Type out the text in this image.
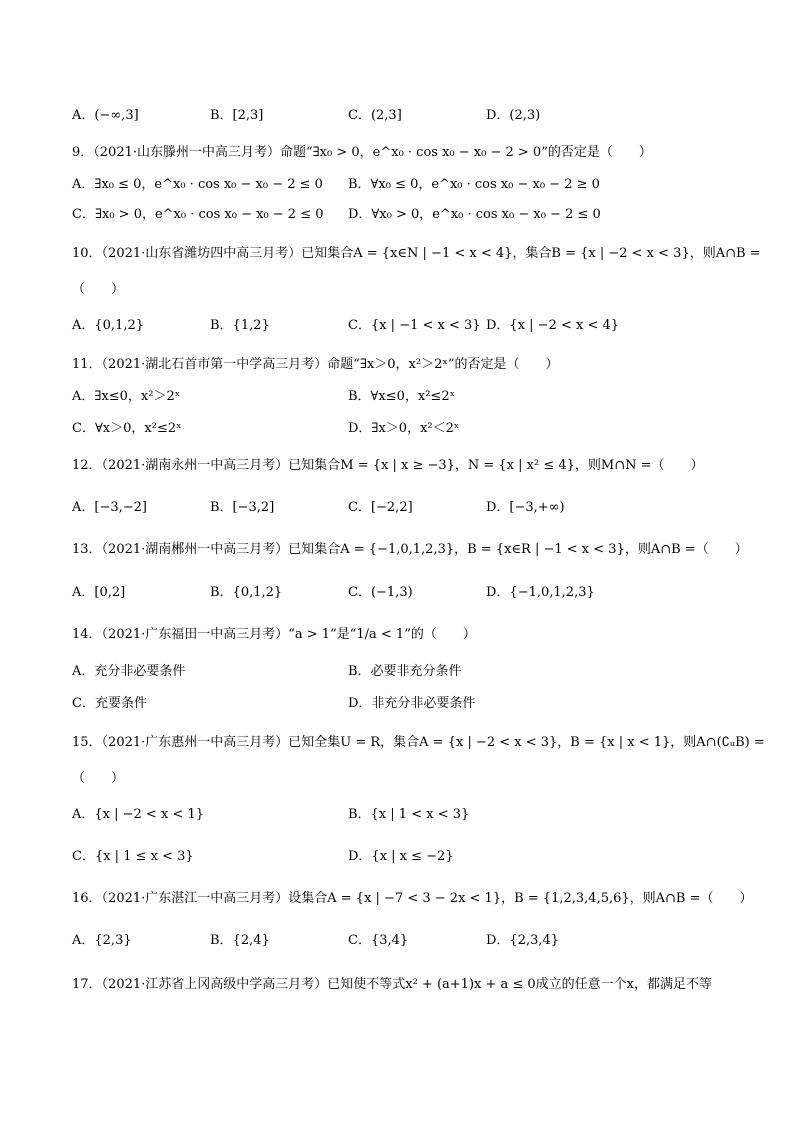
A．(−∞,3]	B．[2,3]	C．(2,3]	D．(2,3)
9．（2021·山东滕州一中高三月考）命题“∃x₀ > 0，e^x₀ · cos x₀ − x₀ − 2 > 0”的否定是（　　）
A．∃x₀ ≤ 0，e^x₀ · cos x₀ − x₀ − 2 ≤ 0 B．∀x₀ ≤ 0，e^x₀ · cos x₀ − x₀ − 2 ≥ 0
C．∃x₀ > 0，e^x₀ · cos x₀ − x₀ − 2 ≤ 0 D．∀x₀ > 0，e^x₀ · cos x₀ − x₀ − 2 ≤ 0
10．（2021·山东省潍坊四中高三月考）已知集合A = {x∈N | −1 < x < 4}，集合B = {x | −2 < x < 3}，则A∩B =
（　　）
A．{0,1,2}	B．{1,2}	C．{x | −1 < x < 3} D．{x | −2 < x < 4}
11．（2021·湖北石首市第一中学高三月考）命题“∃x＞0，x²＞2ˣ”的否定是（　　）
A．∃x≤0，x²＞2ˣ	B．∀x≤0，x²≤2ˣ
C．∀x＞0，x²≤2ˣ	D．∃x＞0，x²＜2ˣ
12．（2021·湖南永州一中高三月考）已知集合M = {x | x ≥ −3}，N = {x | x² ≤ 4}，则M∩N =（　　）
A．[−3,−2]	B．[−3,2]	C．[−2,2]	D．[−3,+∞)
13．（2021·湖南郴州一中高三月考）已知集合A = {−1,0,1,2,3}，B = {x∈R | −1 < x < 3}，则A∩B =（　　）
A．[0,2]	B．{0,1,2}	C．(−1,3)	D．{−1,0,1,2,3}
14．（2021·广东福田一中高三月考）“a > 1”是“1/a < 1”的（　　）
A．充分非必要条件	B．必要非充分条件
C．充要条件	D．非充分非必要条件
15．（2021·广东惠州一中高三月考）已知全集U = R，集合A = {x | −2 < x < 3}，B = {x | x < 1}，则A∩(∁ᵤB) =
（　　）
A．{x | −2 < x < 1}	B．{x | 1 < x < 3}
C．{x | 1 ≤ x < 3}	D．{x | x ≤ −2}
16．（2021·广东湛江一中高三月考）设集合A = {x | −7 < 3 − 2x < 1}，B = {1,2,3,4,5,6}，则A∩B =（　　）
A．{2,3}	B．{2,4}	C．{3,4}	D．{2,3,4}
17．（2021·江苏省上冈高级中学高三月考）已知使不等式x² + (a+1)x + a ≤ 0成立的任意一个x，都满足不等
